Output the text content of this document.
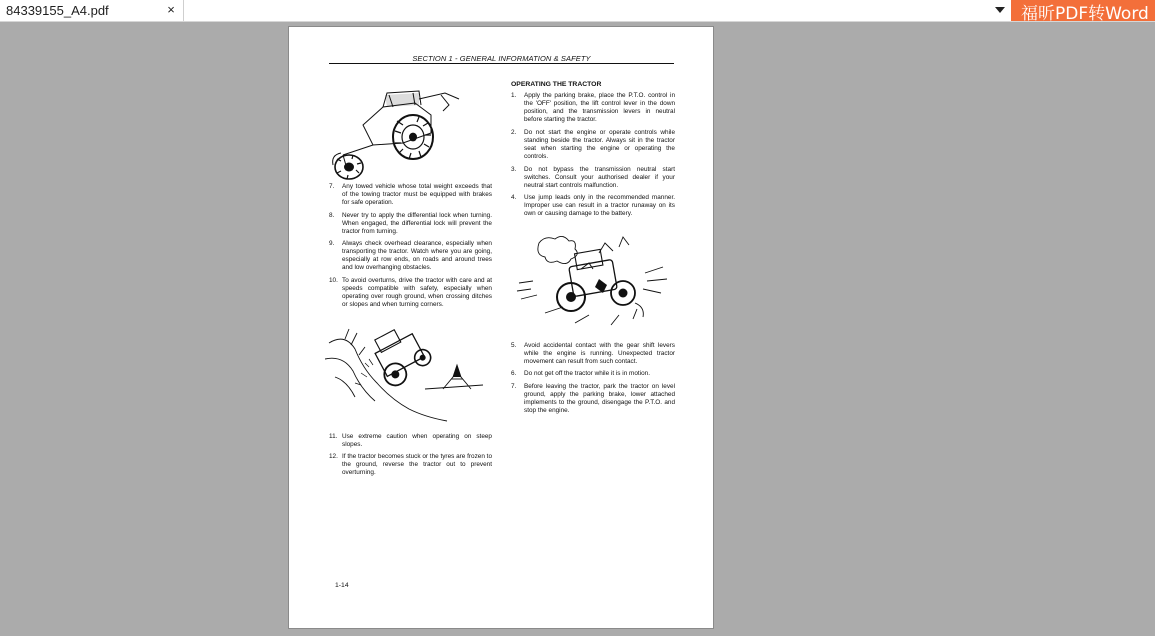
84339155_A4.pdf	×	福昕PDF转Word
SECTION 1 - GENERAL INFORMATION & SAFETY
7.	Any towed vehicle whose total weight exceeds that of the towing tractor must be equipped with brakes for safe operation.
8.	Never try to apply the differential lock when turning. When engaged, the differential lock will prevent the tractor from turning.
9.	Always check overhead clearance, especially when transporting the tractor. Watch where you are going, especially at row ends, on roads and around trees and low overhanging obstacles.
10. To avoid overturns, drive the tractor with care and at speeds compatible with safety, especially when operating over rough ground, when crossing ditches or slopes and when turning corners.
11. Use extreme caution when operating on steep slopes.
12. If the tractor becomes stuck or the tyres are frozen to the ground, reverse the tractor out to prevent overturning.
OPERATING THE TRACTOR
1.	Apply the parking brake, place the P.T.O. control in the 'OFF' position, the lift control lever in the down position, and the transmission levers in neutral before starting the tractor.
2.	Do not start the engine or operate controls while standing beside the tractor. Always sit in the tractor seat when starting the engine or operating the controls.
3.	Do not bypass the transmission neutral start switches. Consult your authorised dealer if your neutral start controls malfunction.
4.	Use jump leads only in the recommended manner. Improper use can result in a tractor runaway on its own or causing damage to the battery.
5.	Avoid accidental contact with the gear shift levers while the engine is running. Unexpected tractor movement can result from such contact.
6.	Do not get off the tractor while it is in motion.
7.	Before leaving the tractor, park the tractor on level ground, apply the parking brake, lower attached implements to the ground, disengage the P.T.O. and stop the engine.
1-14
